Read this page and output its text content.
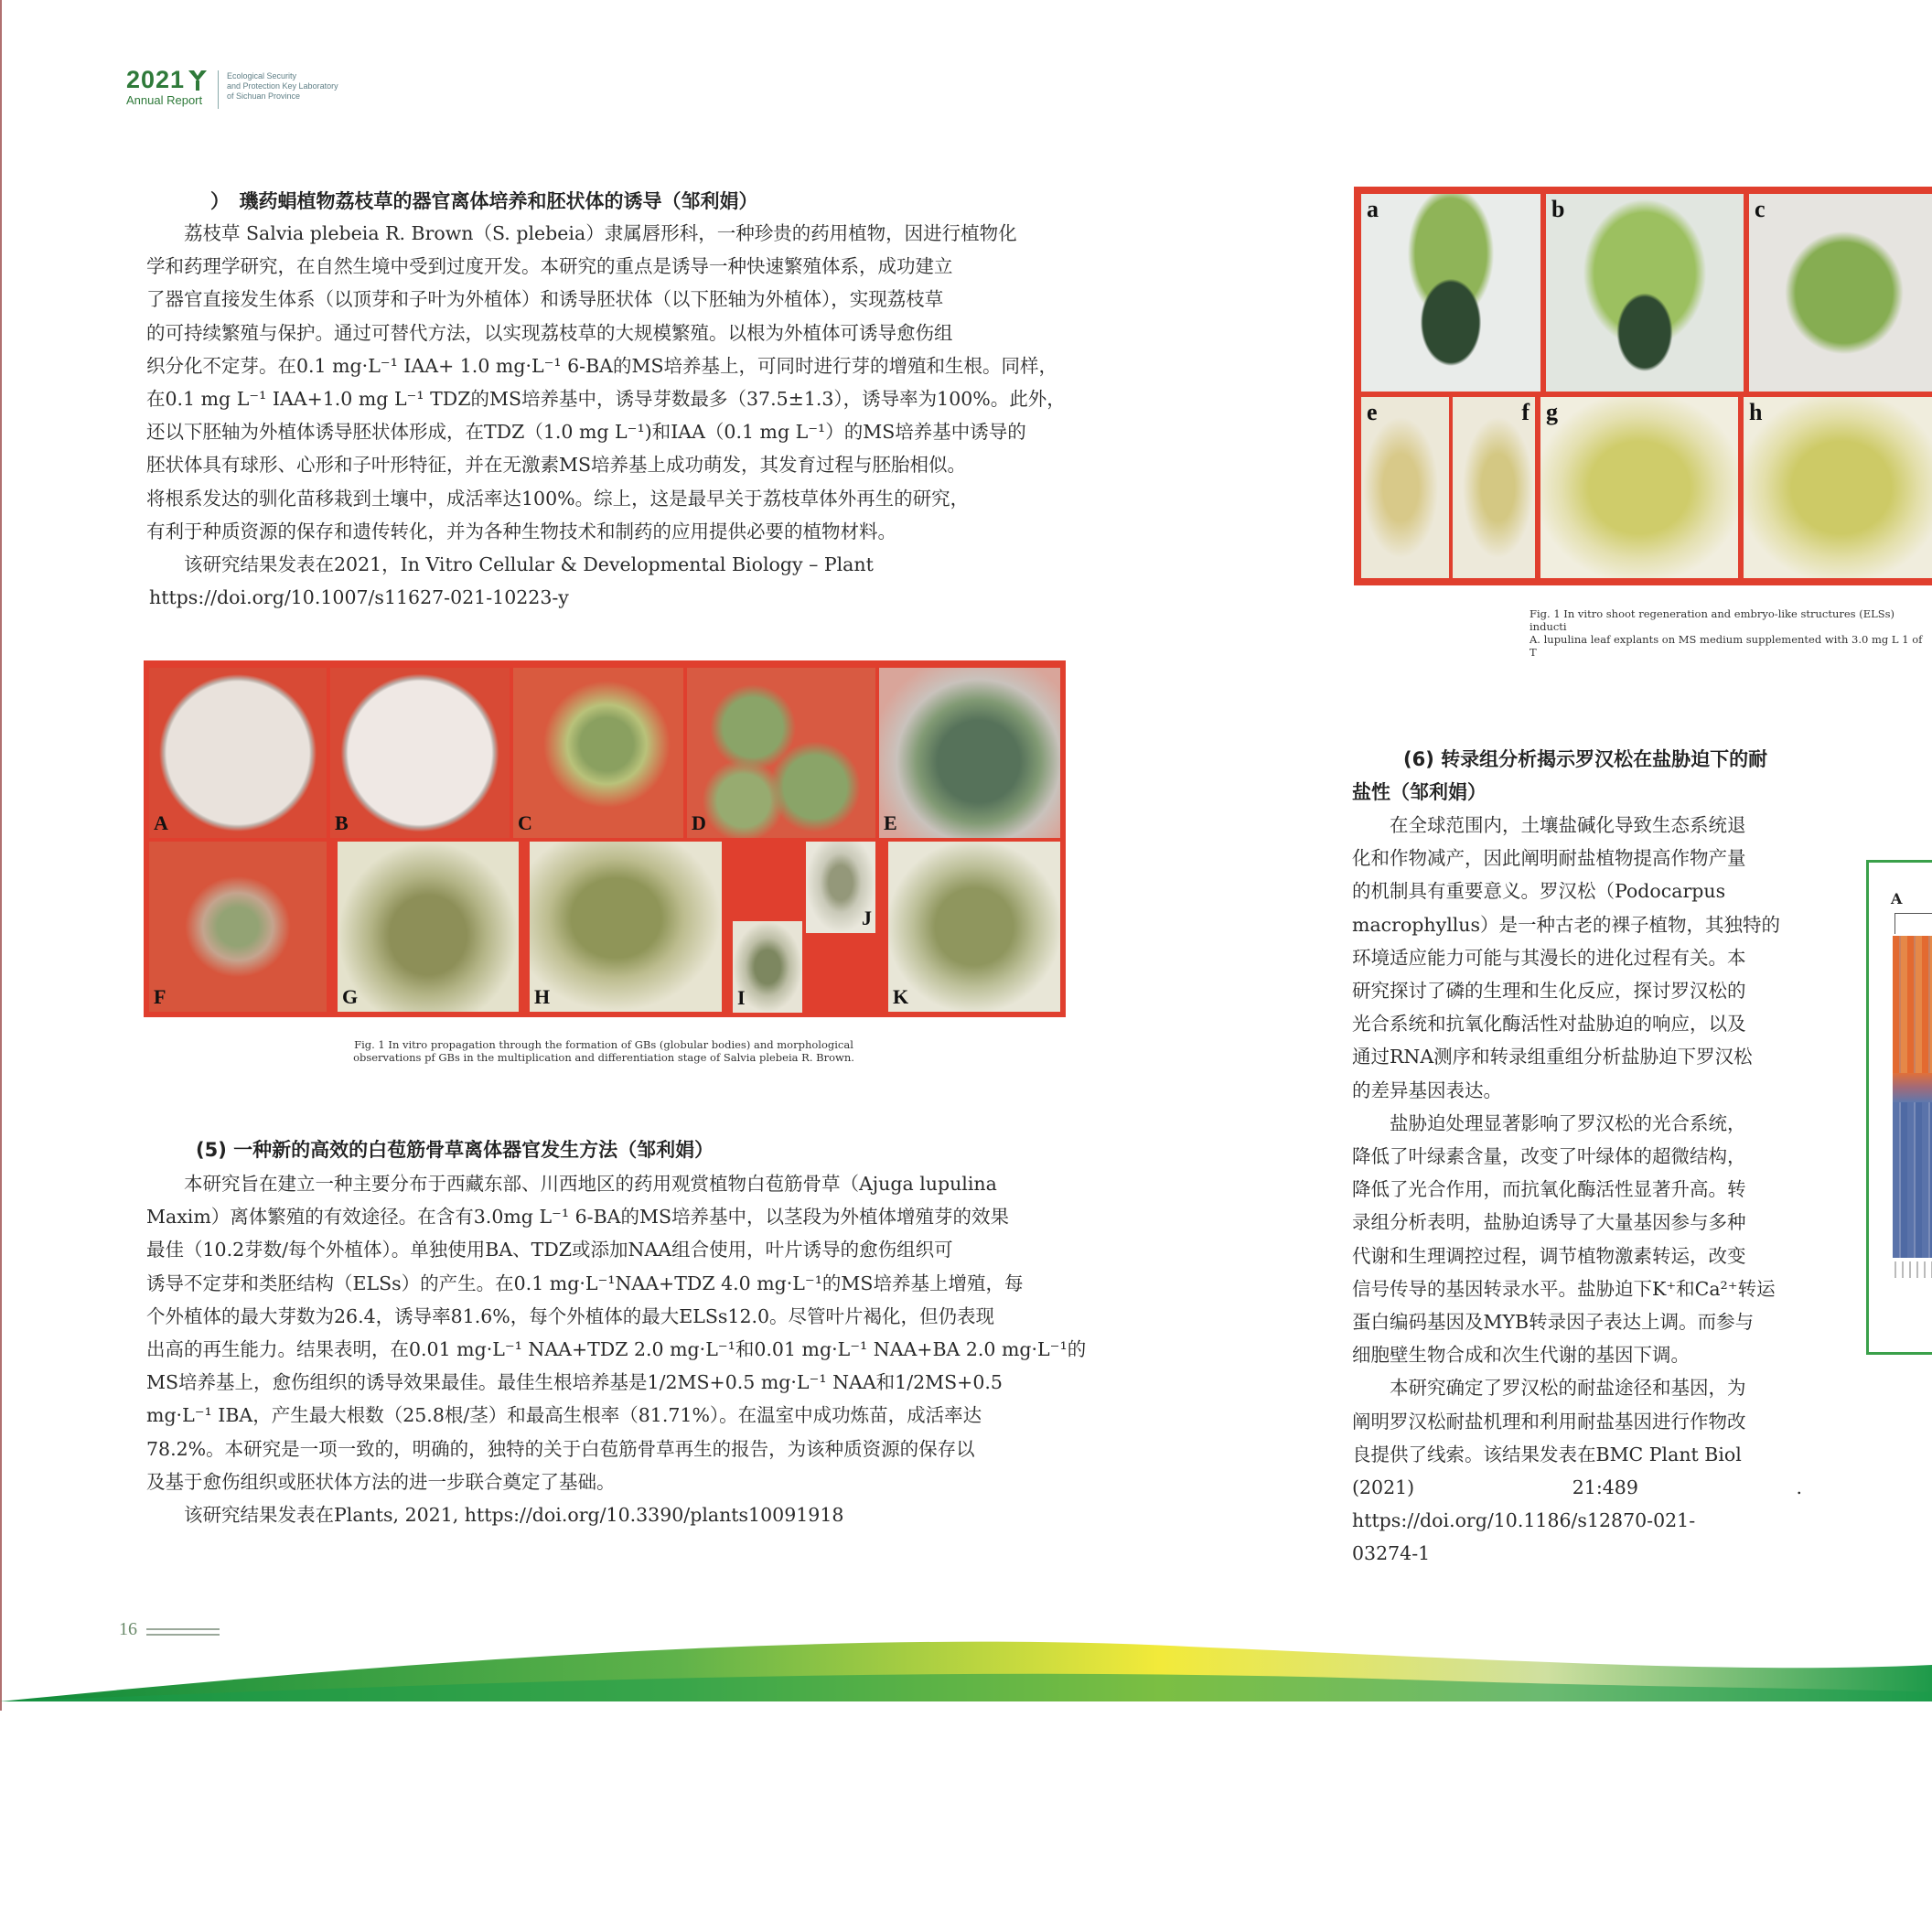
2021
Annual Report
Ecological Security
and Protection Key Laboratory
of Sichuan Province
）　璣药蜎植物荔枝草的器官离体培养和胚状体的诱导（邹利娟）

荔枝草 Salvia plebeia R. Brown（S. plebeia）隶属唇形科，一种珍贵的药用植物，因进行植物化

学和药理学研究，在自然生境中受到过度开发。本研究的重点是诱导一种快速繁殖体系，成功建立

了器官直接发生体系（以顶芽和子叶为外植体）和诱导胚状体（以下胚轴为外植体），实现荔枝草

的可持续繁殖与保护。通过可替代方法，以实现荔枝草的大规模繁殖。以根为外植体可诱导愈伤组

织分化不定芽。在0.1 mg·L⁻¹ IAA+ 1.0 mg·L⁻¹ 6-BA的MS培养基上，可同时进行芽的增殖和生根。同样，

在0.1 mg L⁻¹ IAA+1.0 mg L⁻¹ TDZ的MS培养基中，诱导芽数最多（37.5±1.3），诱导率为100%。此外，

还以下胚轴为外植体诱导胚状体形成，在TDZ（1.0 mg L⁻¹)和IAA（0.1 mg L⁻¹）的MS培养基中诱导的

胚状体具有球形、心形和子叶形特征，并在无激素MS培养基上成功萌发，其发育过程与胚胎相似。

将根系发达的驯化苗移栽到土壤中，成活率达100%。综上，这是最早关于荔枝草体外再生的研究，

有利于种质资源的保存和遗传转化，并为各种生物技术和制药的应用提供必要的植物材料。

该研究结果发表在2021，In Vitro Cellular & Developmental Biology – Plant

https://doi.org/10.1007/s11627-021-10223-y

A	B	C	D	E
F	G	H	I
J
K
Fig. 1 In vitro propagation through the formation of GBs (globular bodies) and morphological
observations pf GBs in the multiplication and differentiation stage of Salvia plebeia R. Brown.
(5) 一种新的高效的白苞筋骨草离体器官发生方法（邹利娟）

本研究旨在建立一种主要分布于西藏东部、川西地区的药用观赏植物白苞筋骨草（Ajuga lupulina

Maxim）离体繁殖的有效途径。在含有3.0mg L⁻¹ 6-BA的MS培养基中，以茎段为外植体增殖芽的效果

最佳（10.2芽数/每个外植体）。单独使用BA、TDZ或添加NAA组合使用，叶片诱导的愈伤组织可

诱导不定芽和类胚结构（ELSs）的产生。在0.1 mg·L⁻¹NAA+TDZ 4.0 mg·L⁻¹的MS培养基上增殖，每

个外植体的最大芽数为26.4，诱导率81.6%，每个外植体的最大ELSs12.0。尽管叶片褐化，但仍表现

出高的再生能力。结果表明，在0.01 mg·L⁻¹ NAA+TDZ 2.0 mg·L⁻¹和0.01 mg·L⁻¹ NAA+BA 2.0 mg·L⁻¹的

MS培养基上，愈伤组织的诱导效果最佳。最佳生根培养基是1/2MS+0.5 mg·L⁻¹ NAA和1/2MS+0.5

mg·L⁻¹ IBA，产生最大根数（25.8根/茎）和最高生根率（81.71%）。在温室中成功炼苗，成活率达

78.2%。本研究是一项一致的，明确的，独特的关于白苞筋骨草再生的报告，为该种质资源的保存以

及基于愈伤组织或胚状体方法的进一步联合奠定了基础。

该研究结果发表在Plants, 2021, https://doi.org/10.3390/plants10091918

a	b	c
e	f g	h
Fig. 1 In vitro shoot regeneration and embryo-like structures (ELSs) inducti
A. lupulina leaf explants on MS medium supplemented with 3.0 mg L 1 of T
(6) 转录组分析揭示罗汉松在盐胁迫下的耐
盐性（邹利娟）

在全球范围内，土壤盐碱化导致生态系统退

化和作物减产，因此阐明耐盐植物提高作物产量

的机制具有重要意义。罗汉松（Podocarpus

macrophyllus）是一种古老的裸子植物，其独特的

环境适应能力可能与其漫长的进化过程有关。本

研究探讨了磷的生理和生化反应，探讨罗汉松的

光合系统和抗氧化酶活性对盐胁迫的响应，以及

通过RNA测序和转录组重组分析盐胁迫下罗汉松

的差异基因表达。

盐胁迫处理显著影响了罗汉松的光合系统，

降低了叶绿素含量，改变了叶绿体的超微结构，

降低了光合作用，而抗氧化酶活性显著升高。转

录组分析表明，盐胁迫诱导了大量基因参与多种

代谢和生理调控过程，调节植物激素转运，改变

信号传导的基因转录水平。盐胁迫下K⁺和Ca²⁺转运

蛋白编码基因及MYB转录因子表达上调。而参与

细胞壁生物合成和次生代谢的基因下调。

本研究确定了罗汉松的耐盐途径和基因，为

阐明罗汉松耐盐机理和利用耐盐基因进行作物改

良提供了线索。该结果发表在BMC Plant Biol

(2021) 21:489 . https://doi.org/10.1186/s12870-021-

03274-1

A
16
